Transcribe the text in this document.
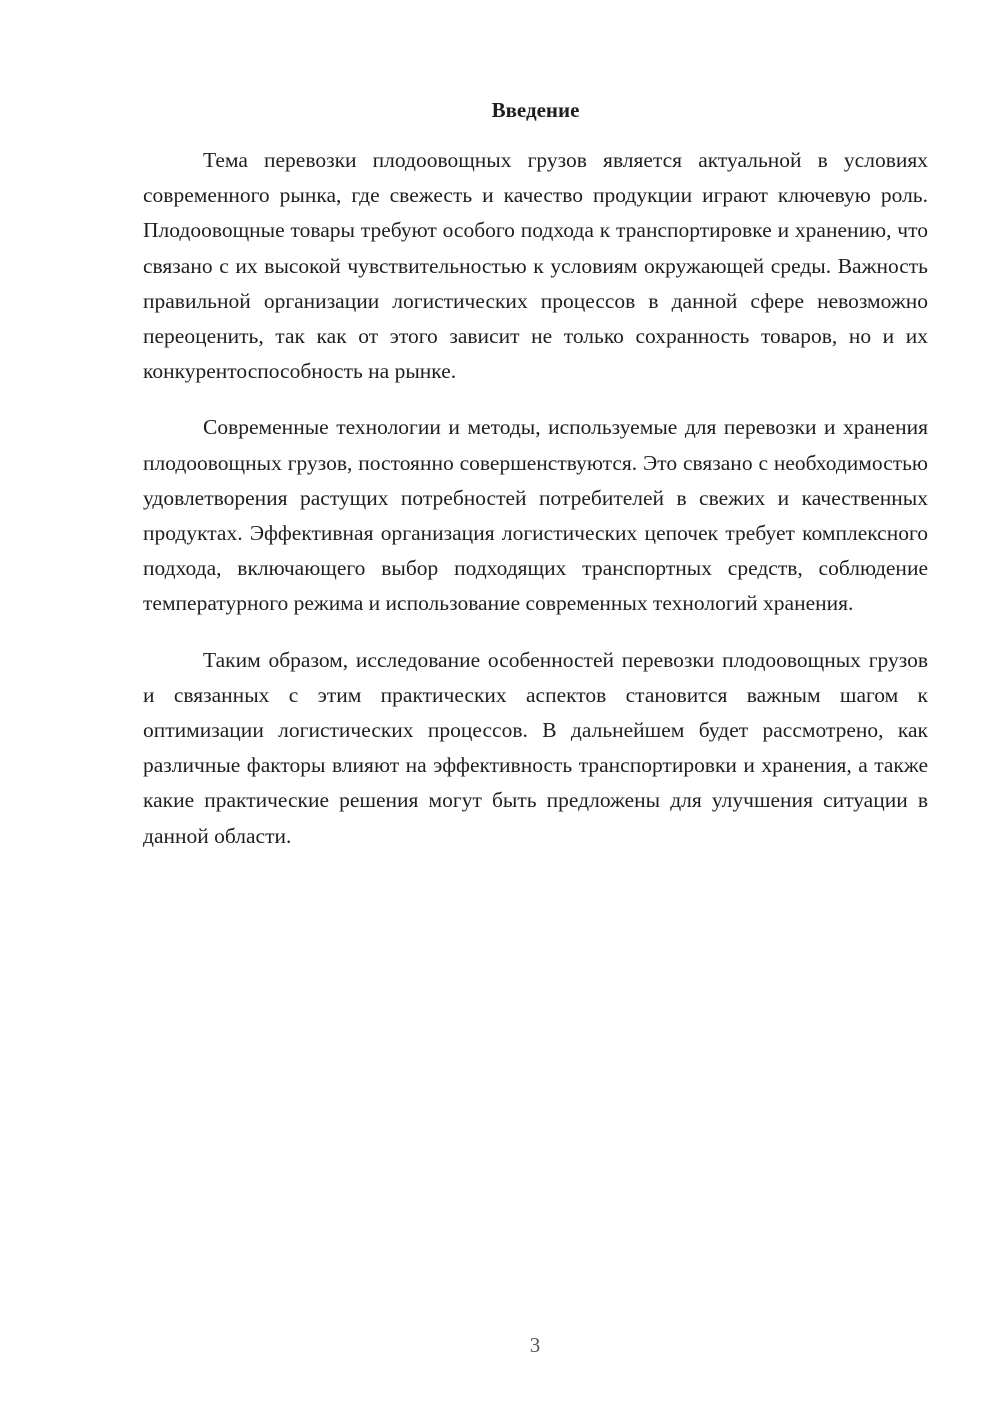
Введение

Тема перевозки плодоовощных грузов является актуальной в условиях современного рынка, где свежесть и качество продукции играют ключевую роль. Плодоовощные товары требуют особого подхода к транспортировке и хранению, что связано с их высокой чувствительностью к условиям окружающей среды. Важность правильной организации логистических процессов в данной сфере невозможно переоценить, так как от этого зависит не только сохранность товаров, но и их конкурентоспособность на рынке.

Современные технологии и методы, используемые для перевозки и хранения плодоовощных грузов, постоянно совершенствуются. Это связано с необходимостью удовлетворения растущих потребностей потребителей в свежих и качественных продуктах. Эффективная организация логистических цепочек требует комплексного подхода, включающего выбор подходящих транспортных средств, соблюдение температурного режима и использование современных технологий хранения.

Таким образом, исследование особенностей перевозки плодоовощных грузов и связанных с этим практических аспектов становится важным шагом к оптимизации логистических процессов. В дальнейшем будет рассмотрено, как различные факторы влияют на эффективность транспортировки и хранения, а также какие практические решения могут быть предложены для улучшения ситуации в данной области.

3
